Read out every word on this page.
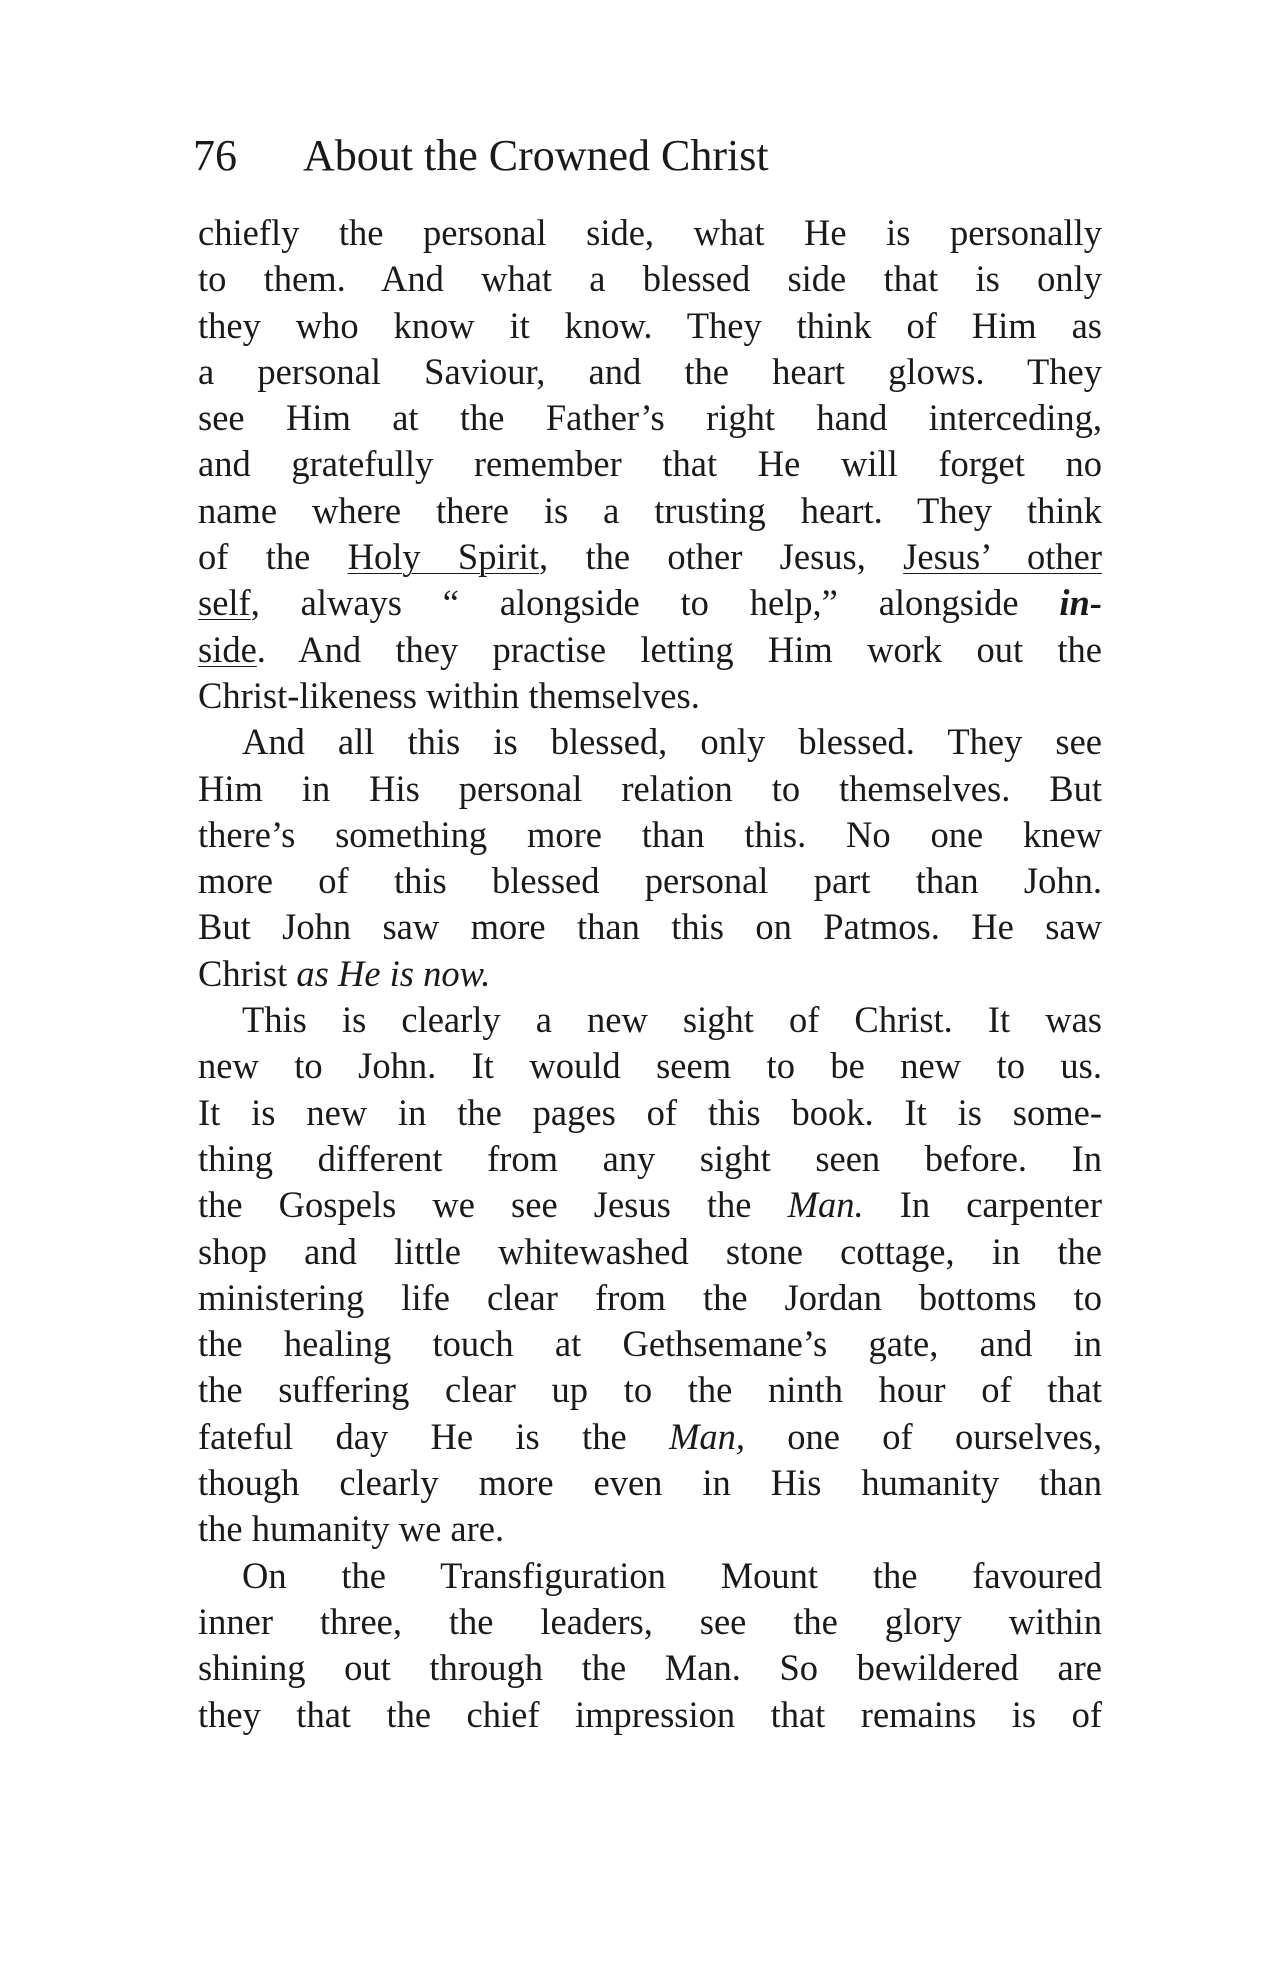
76 About the Crowned Christ
chiefly the personal side, what He is personally
to them. And what a blessed side that is only
they who know it know. They think of Him as
a personal Saviour, and the heart glows. They
see Him at the Father’s right hand interceding,
and gratefully remember that He will forget no
name where there is a trusting heart. They think
of the Holy Spirit, the other Jesus, Jesus’ other
self, always “ alongside to help,” alongside in-
side. And they practise letting Him work out the
Christ-likeness within themselves.
And all this is blessed, only blessed. They see
Him in His personal relation to themselves. But
there’s something more than this. No one knew
more of this blessed personal part than John.
But John saw more than this on Patmos. He saw
Christ as He is now.
This is clearly a new sight of Christ. It was
new to John. It would seem to be new to us.
It is new in the pages of this book. It is some-
thing different from any sight seen before. In
the Gospels we see Jesus the Man. In carpenter
shop and little whitewashed stone cottage, in the
ministering life clear from the Jordan bottoms to
the healing touch at Gethsemane’s gate, and in
the suffering clear up to the ninth hour of that
fateful day He is the Man, one of ourselves,
though clearly more even in His humanity than
the humanity we are.
On the Transfiguration Mount the favoured
inner three, the leaders, see the glory within
shining out through the Man. So bewildered are
they that the chief impression that remains is of
